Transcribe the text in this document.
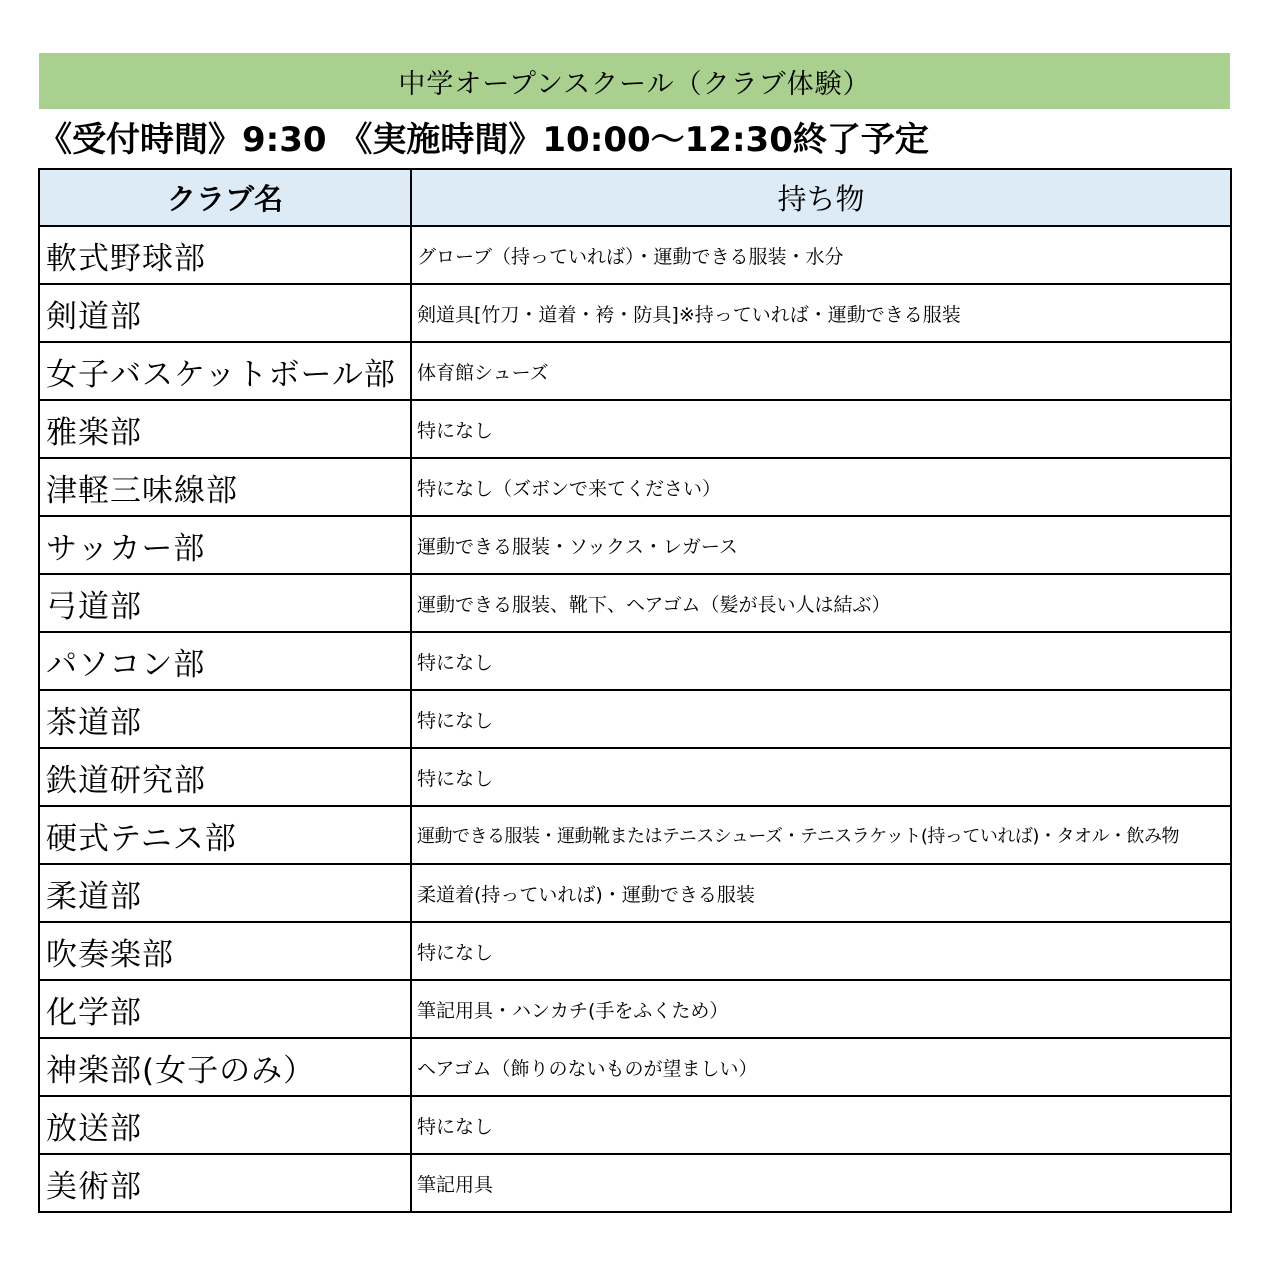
中学オープンスクール（クラブ体験）
《受付時間》9:30 《実施時間》10:00～12:30終了予定
クラブ名	持ち物
軟式野球部	グローブ（持っていれば）・運動できる服装・水分
剣道部	剣道具[竹刀・道着・袴・防具]※持っていれば・運動できる服装
女子バスケットボール部	体育館シューズ
雅楽部	特になし
津軽三味線部	特になし（ズボンで来てください）
サッカー部	運動できる服装・ソックス・レガース
弓道部	運動できる服装、靴下、ヘアゴム（髪が長い人は結ぶ）
パソコン部	特になし
茶道部	特になし
鉄道研究部	特になし
硬式テニス部	運動できる服装・運動靴またはテニスシューズ・テニスラケット(持っていれば)・タオル・飲み物
柔道部	柔道着(持っていれば)・運動できる服装
吹奏楽部	特になし
化学部	筆記用具・ハンカチ(手をふくため）
神楽部(女子のみ）	ヘアゴム（飾りのないものが望ましい）
放送部	特になし
美術部	筆記用具
